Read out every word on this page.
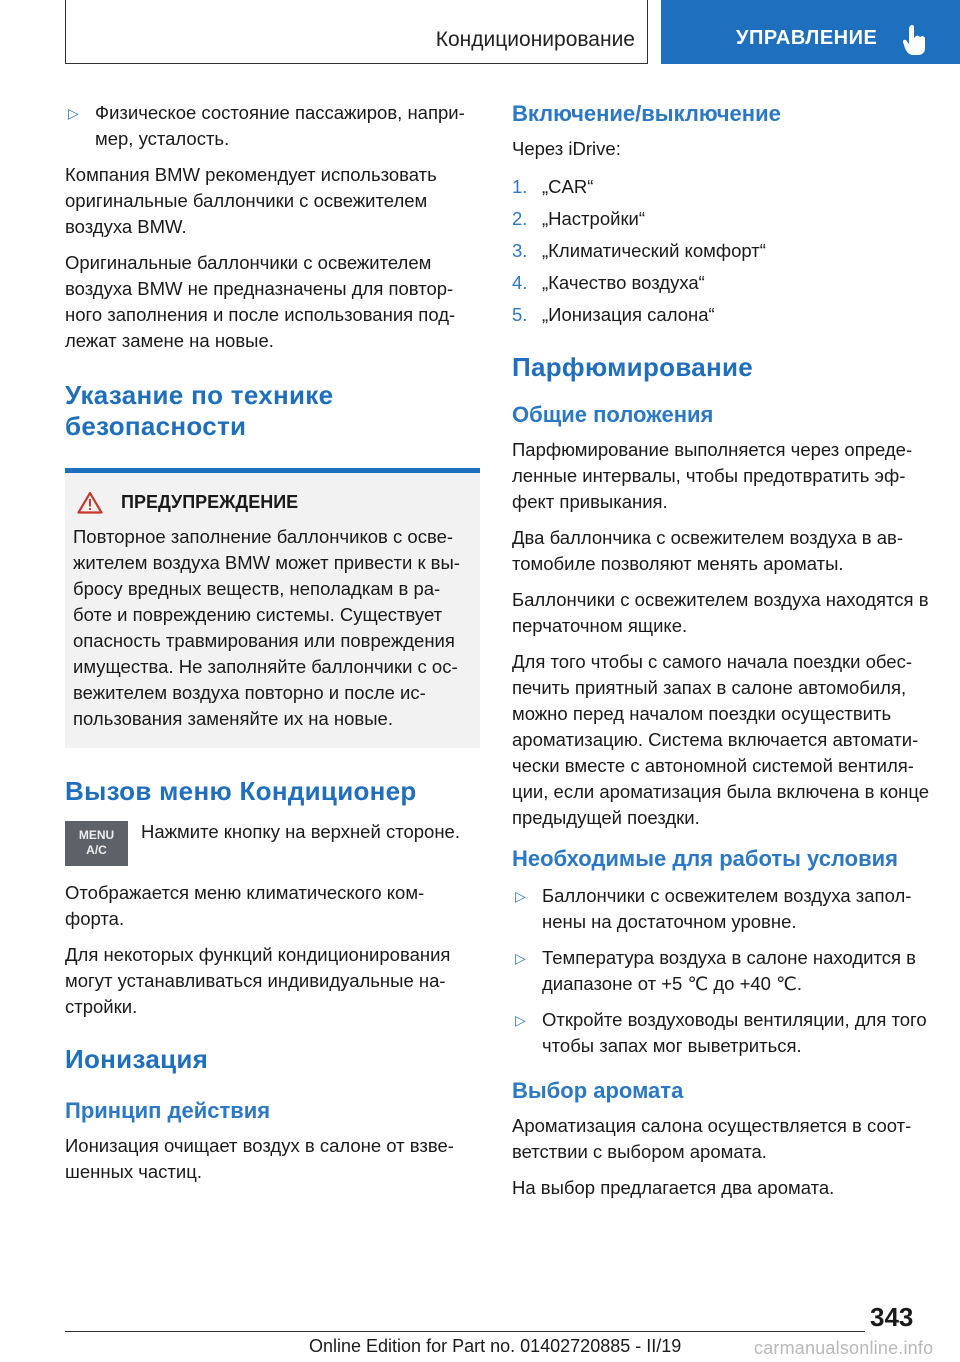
Кондиционирование	УПРАВЛЕНИЕ
▷ Физическое состояние пассажиров, напри-мер, усталость.

Компания BMW рекомендует использовать оригинальные баллончики с освежителем воздуха BMW.

Оригинальные баллончики с освежителем воздуха BMW не предназначены для повтор-ного заполнения и после использования под-лежат замене на новые.

Указание по технике безопасности
ПРЕДУПРЕЖДЕНИЕ

Повторное заполнение баллончиков с осве-жителем воздуха BMW может привести к вы-бросу вредных веществ, неполадкам в ра-боте и повреждению системы. Существует опасность травмирования или повреждения имущества. Не заполняйте баллончики с ос-вежителем воздуха повторно и после ис-пользования заменяйте их на новые.

Вызов меню Кондиционер
MENU
A/C
Нажмите кнопку на верхней стороне.

Отображается меню климатического ком-форта.

Для некоторых функций кондиционирования могут устанавливаться индивидуальные на-стройки.

Ионизация
Принцип действия

Ионизация очищает воздух в салоне от взве-шенных частиц.

Включение/выключение

Через iDrive:

1. „CAR“
2. „Настройки“
3. „Климатический комфорт“
4. „Качество воздуха“
5. „Ионизация салона“
Парфюмирование
Общие положения

Парфюмирование выполняется через опреде-ленные интервалы, чтобы предотвратить эф-фект привыкания.

Два баллончика с освежителем воздуха в ав-томобиле позволяют менять ароматы.

Баллончики с освежителем воздуха находятся в перчаточном ящике.

Для того чтобы с самого начала поездки обес-печить приятный запах в салоне автомобиля, можно перед началом поездки осуществить ароматизацию. Система включается автомати-чески вместе с автономной системой вентиля-ции, если ароматизация была включена в конце предыдущей поездки.

Необходимые для работы условия
▷ Баллончики с освежителем воздуха запол-нены на достаточном уровне.
▷ Температура воздуха в салоне находится в диапазоне от +5 ℃ до +40 ℃.
▷ Откройте воздуховоды вентиляции, для того чтобы запах мог выветриться.
Выбор аромата

Ароматизация салона осуществляется в соот-ветствии с выбором аромата.

На выбор предлагается два аромата.

343
Online Edition for Part no. 01402720885 - II/19	carmanualsonline.info
